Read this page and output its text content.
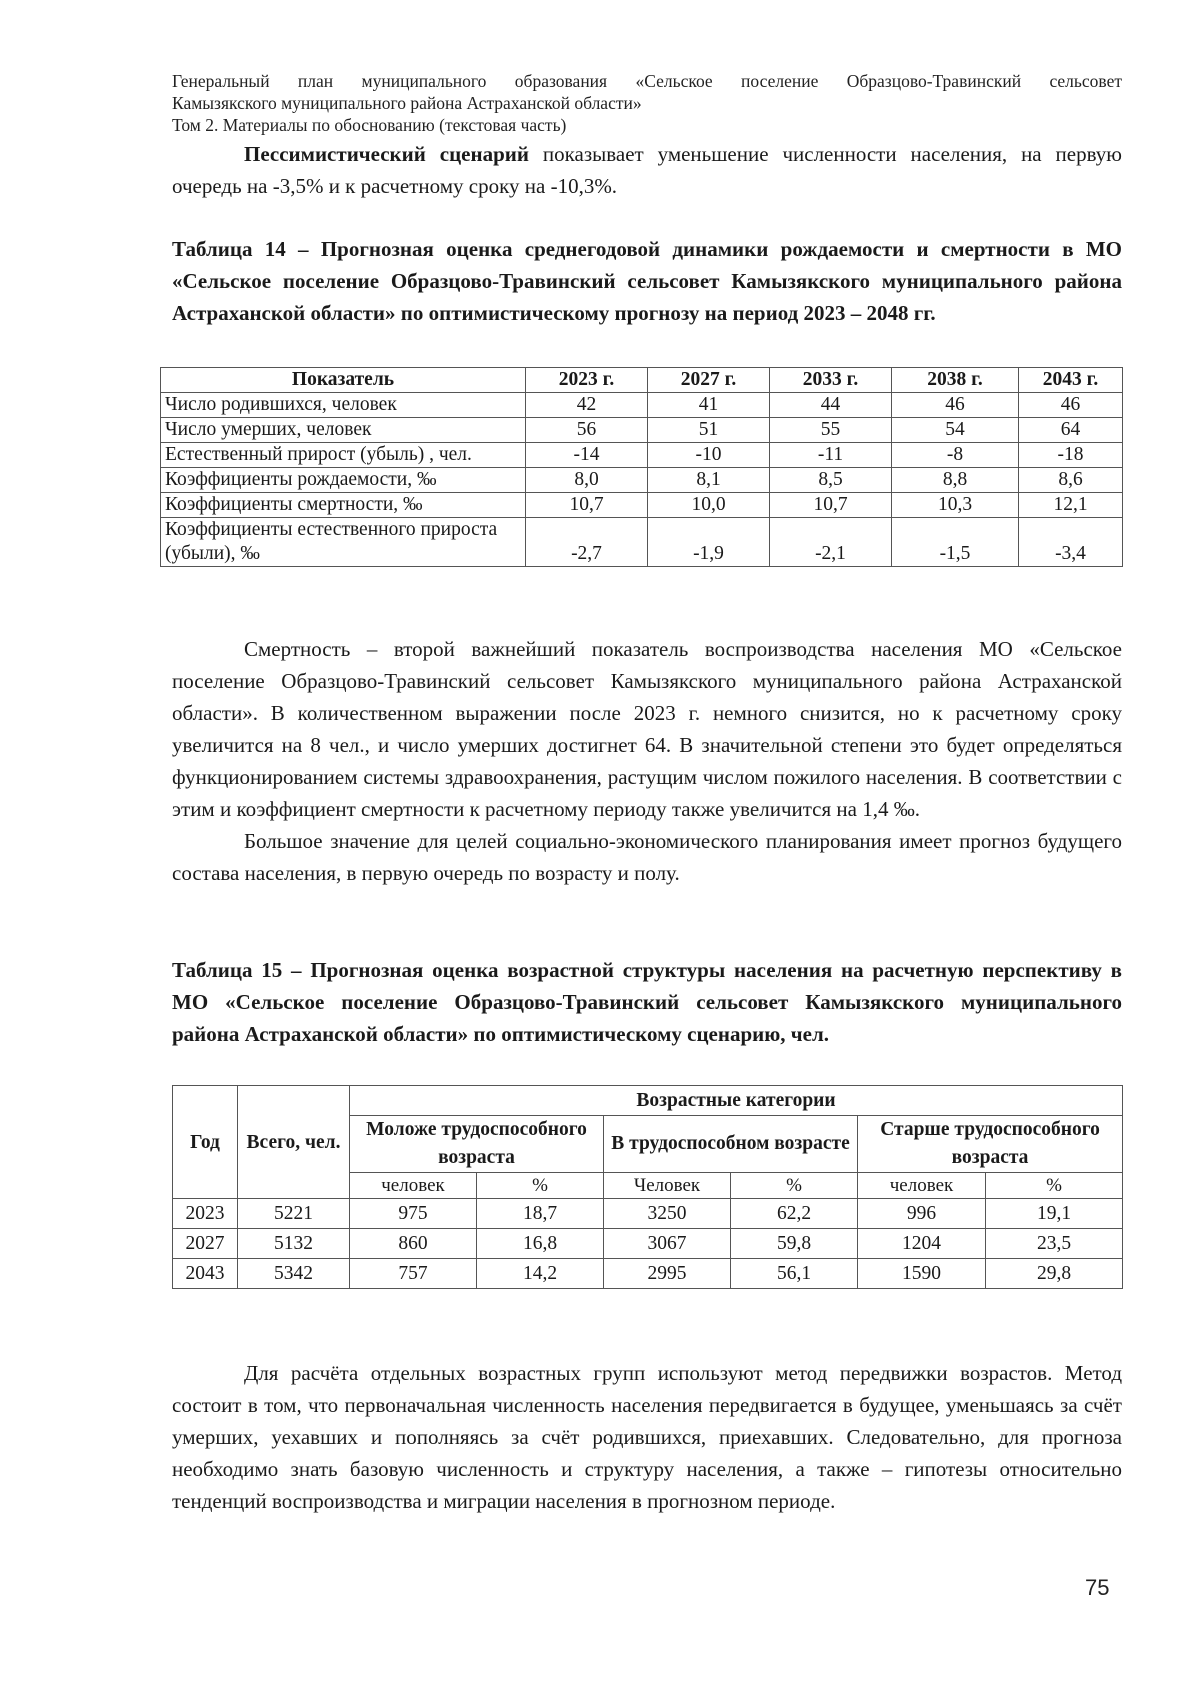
Генеральный план муниципального образования «Сельское поселение Образцово-Травинский сельсовет
Камызякского муниципального района Астраханской области»
Том 2. Материалы по обоснованию (текстовая часть)

Пессимистический сценарий показывает уменьшение численности населения, на первую очередь на -3,5% и к расчетному сроку на -10,3%.

Таблица 14 – Прогнозная оценка среднегодовой динамики рождаемости и смертности в МО «Сельское поселение Образцово-Травинский сельсовет Камызякского муниципального района Астраханской области» по оптимистическому прогнозу на период 2023 – 2048 гг.

Показатель	2023 г.	2027 г.	2033 г.	2038 г.	2043 г.
Число родившихся, человек	42	41	44	46	46
Число умерших, человек	56	51	55	54	64
Естественный прирост (убыль) , чел.	-14	-10	-11	-8	-18
Коэффициенты рождаемости, ‰	8,0	8,1	8,5	8,8	8,6
Коэффициенты смертности, ‰	10,7	10,0	10,7	10,3	12,1
Коэффициенты естественного прироста (убыли), ‰	-2,7	-1,9	-2,1	-1,5	-3,4

Смертность – второй важнейший показатель воспроизводства населения МО «Сельское поселение Образцово-Травинский сельсовет Камызякского муниципального района Астраханской области». В количественном выражении после 2023 г. немного снизится, но к расчетному сроку увеличится на 8 чел., и число умерших достигнет 64. В значительной степени это будет определяться функционированием системы здравоохранения, растущим числом пожилого населения. В соответствии с этим и коэффициент смертности к расчетному периоду также увеличится на 1,4 ‰.

Большое значение для целей социально-экономического планирования имеет прогноз будущего состава населения, в первую очередь по возрасту и полу.

Таблица 15 – Прогнозная оценка возрастной структуры населения на расчетную перспективу в МО «Сельское поселение Образцово-Травинский сельсовет Камызякского муниципального района Астраханской области» по оптимистическому сценарию, чел.

Год	Всего, чел.	Возрастные категории					
		Моложе трудоспособного возраста		В трудоспособном возрасте		Старше трудоспособного возраста	
		человек	%	Человек	%	человек	%
2023	5221	975	18,7	3250	62,2	996	19,1
2027	5132	860	16,8	3067	59,8	1204	23,5
2043	5342	757	14,2	2995	56,1	1590	29,8

Для расчёта отдельных возрастных групп используют метод передвижки возрастов. Метод состоит в том, что первоначальная численность населения передвигается в будущее, уменьшаясь за счёт умерших, уехавших и пополняясь за счёт родившихся, приехавших. Следовательно, для прогноза необходимо знать базовую численность и структуру населения, а также – гипотезы относительно тенденций воспроизводства и миграции населения в прогнозном периоде.

75
